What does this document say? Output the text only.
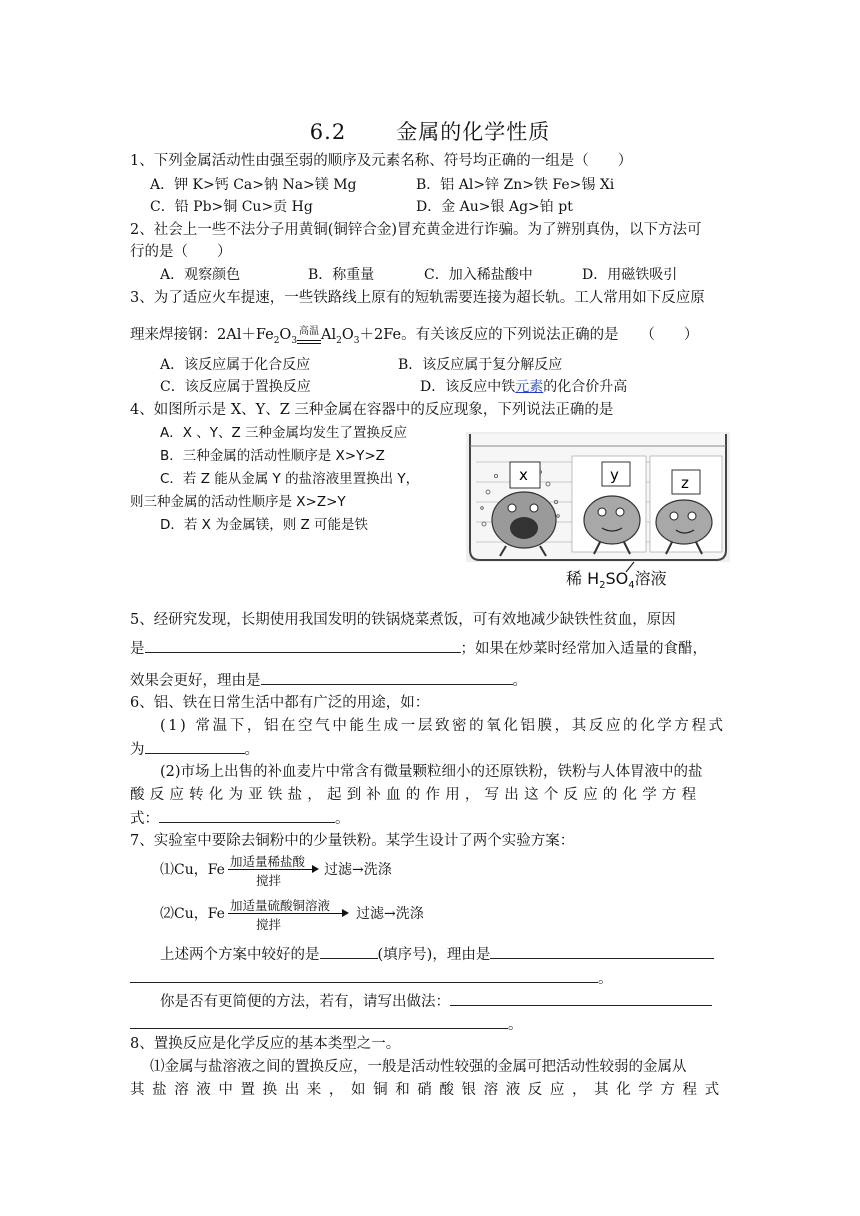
6.2 金属的化学性质
1、下列金属活动性由强至弱的顺序及元素名称、符号均正确的一组是（　　）
A．钾 K>钙 Ca>钠 Na>镁 Mg	B．铝 Al>锌 Zn>铁 Fe>锡 Xi
C．铅 Pb>铜 Cu>贡 Hg	D．金 Au>银 Ag>铂 pt
2、社会上一些不法分子用黄铜(铜锌合金)冒充黄金进行诈骗。为了辨别真伪，以下方法可
行的是（　　）
A．观察颜色	B．称重量	C．加入稀盐酸中	D．用磁铁吸引
3、为了适应火车提速，一些铁路线上原有的短轨需要连接为超长轨。工人常用如下反应原
理来焊接钢：$2Al+Fe_2O_3$
高温 $Al_2O_3+2Fe$。有关该反应的下列说法正确的是　　（　　）
A．该反应属于化合反应	B．该反应属于复分解反应
C．该反应属于置换反应	D．该反应中铁元素的化合价升高
4、如图所示是 X、Y、Z 三种金属在容器中的反应现象，下列说法正确的是
A．X 、Y、Z 三种金属均发生了置换反应
B．三种金属的活动性顺序是 X>Y>Z
C．若 Z 能从金属 Y 的盐溶液里置换出 Y，
则三种金属的活动性顺序是 X>Z>Y
D．若 X 为金属镁，则 Z 可能是铁
x	y	z
稀 $H_2SO_4$溶液
5、经研究发现，长期使用我国发明的铁锅烧菜煮饭，可有效地减少缺铁性贫血，原因
是	；如果在炒菜时经常加入适量的食醋，
效果会更好，理由是	。
6、铝、铁在日常生活中都有广泛的用途，如：
(1) 常温下，铝在空气中能生成一层致密的氧化铝膜，其反应的化学方程式
为	。
(2)市场上出售的补血麦片中常含有微量颗粒细小的还原铁粉，铁粉与人体胃液中的盐
酸反应转化为亚铁盐，起到补血的作用，写出这个反应的化学方程
式：	。
7、实验室中要除去铜粉中的少量铁粉。某学生设计了两个实验方案：
⑴Cu，Fe
加适量稀盐酸
搅拌
过滤→洗涤
⑵Cu，Fe
加适量硫酸铜溶液
搅拌
过滤→洗涤
上述两个方案中较好的是	(填序号)，理由是
。
你是否有更简便的方法，若有，请写出做法：
。
8、置换反应是化学反应的基本类型之一。
⑴金属与盐溶液之间的置换反应，一般是活动性较强的金属可把活动性较弱的金属从
其盐溶液中置换出来，如铜和硝酸银溶液反应，其化学方程式
